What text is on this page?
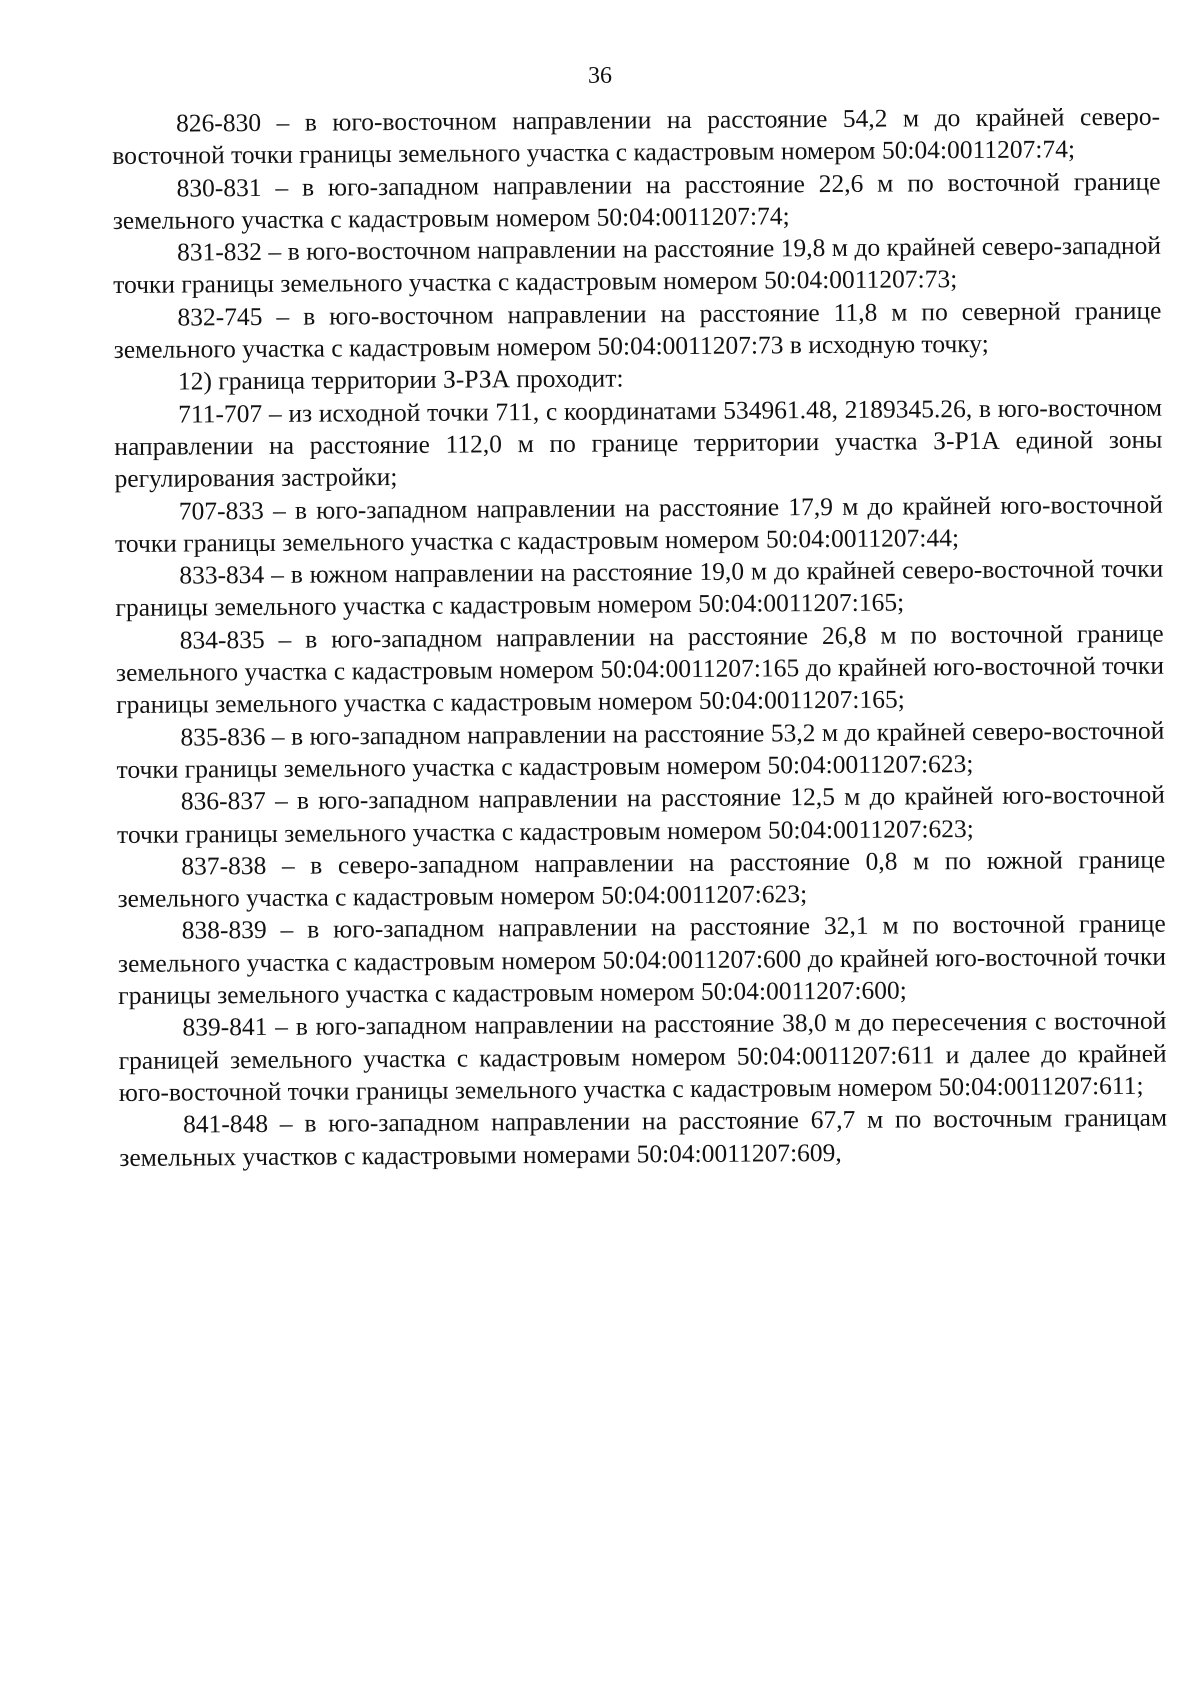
36

826-830 – в юго-восточном направлении на расстояние 54,2 м до крайней северо-восточной точки границы земельного участка с кадастровым номером 50:04:0011207:74;

830-831 – в юго-западном направлении на расстояние 22,6 м по восточной границе земельного участка с кадастровым номером 50:04:0011207:74;

831-832 – в юго-восточном направлении на расстояние 19,8 м до крайней северо-западной точки границы земельного участка с кадастровым номером 50:04:0011207:73;

832-745 – в юго-восточном направлении на расстояние 11,8 м по северной границе земельного участка с кадастровым номером 50:04:0011207:73 в исходную точку;

12) граница территории З-РЗА проходит:

711-707 – из исходной точки 711, с координатами 534961.48, 2189345.26, в юго-восточном направлении на расстояние 112,0 м по границе территории участка З-Р1А единой зоны регулирования застройки;

707-833 – в юго-западном направлении на расстояние 17,9 м до крайней юго-восточной точки границы земельного участка с кадастровым номером 50:04:0011207:44;

833-834 – в южном направлении на расстояние 19,0 м до крайней северо-восточной точки границы земельного участка с кадастровым номером 50:04:0011207:165;

834-835 – в юго-западном направлении на расстояние 26,8 м по восточной границе земельного участка с кадастровым номером 50:04:0011207:165 до крайней юго-восточной точки границы земельного участка с кадастровым номером 50:04:0011207:165;

835-836 – в юго-западном направлении на расстояние 53,2 м до крайней северо-восточной точки границы земельного участка с кадастровым номером 50:04:0011207:623;

836-837 – в юго-западном направлении на расстояние 12,5 м до крайней юго-восточной точки границы земельного участка с кадастровым номером 50:04:0011207:623;

837-838 – в северо-западном направлении на расстояние 0,8 м по южной границе земельного участка с кадастровым номером 50:04:0011207:623;

838-839 – в юго-западном направлении на расстояние 32,1 м по восточной границе земельного участка с кадастровым номером 50:04:0011207:600 до крайней юго-восточной точки границы земельного участка с кадастровым номером 50:04:0011207:600;

839-841 – в юго-западном направлении на расстояние 38,0 м до пересечения с восточной границей земельного участка с кадастровым номером 50:04:0011207:611 и далее до крайней юго-восточной точки границы земельного участка с кадастровым номером 50:04:0011207:611;

841-848 – в юго-западном направлении на расстояние 67,7 м по восточным границам земельных участков с кадастровыми номерами 50:04:0011207:609,
